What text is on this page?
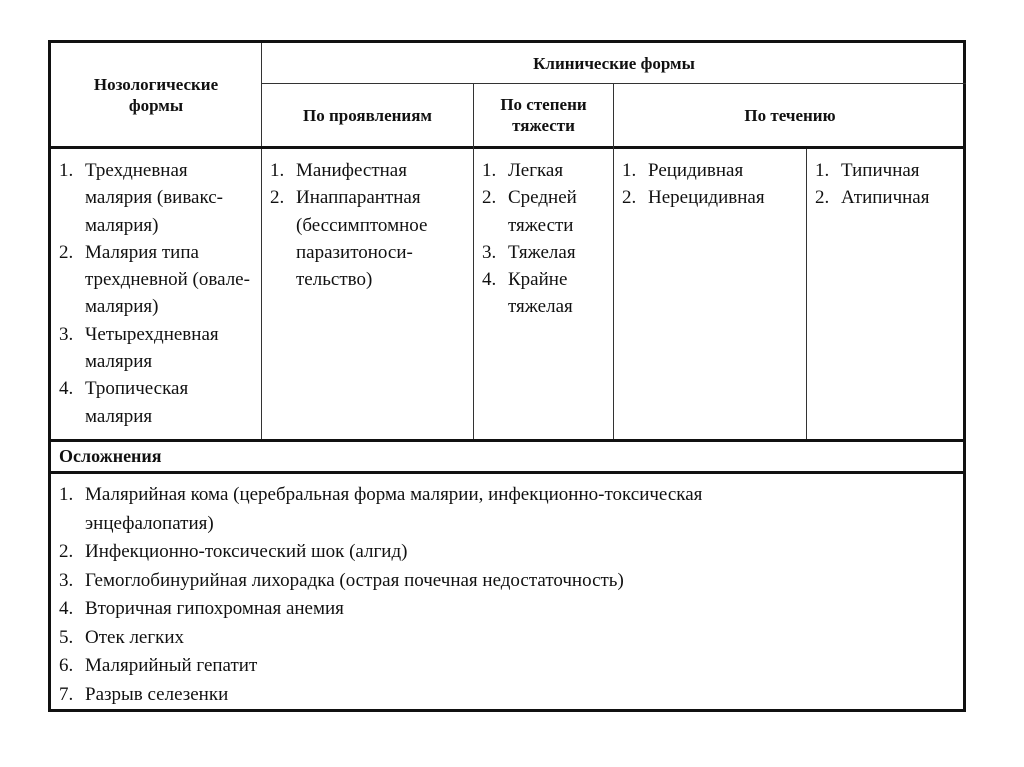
Нозологические формы
Клинические формы
По проявлениям
По степени тяжести
По течению
1. Трехдневная малярия (вивакс-малярия)
2. Малярия типа трехдневной (овале-малярия)
3. Четырехдневная малярия
4. Тропическая малярия
1. Манифестная
2. Инаппарантная (бессимптомное паразитоноси-тельство)
1. Легкая
2. Средней тяжести
3. Тяжелая
4. Крайне тяжелая
1. Рецидивная
2. Нерецидивная
1. Типичная
2. Атипичная
Осложнения
1. Малярийная кома (церебральная форма малярии, инфекционно-токсическая энцефалопатия)
2. Инфекционно-токсический шок (алгид)
3. Гемоглобинурийная лихорадка (острая почечная недостаточность)
4. Вторичная гипохромная анемия
5. Отек легких
6. Малярийный гепатит
7. Разрыв селезенки
